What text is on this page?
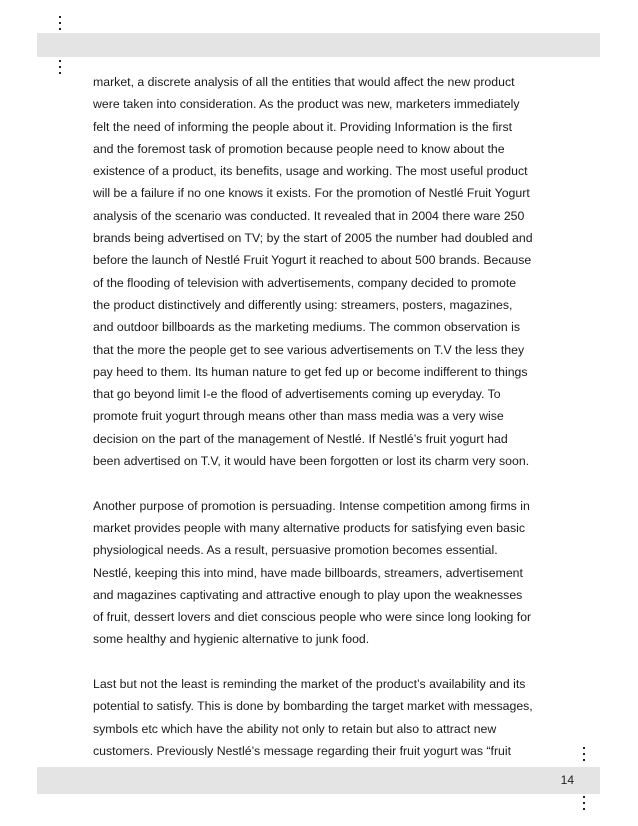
14

market, a discrete analysis of all the entities that would affect the new product

were taken into consideration. As the product was new, marketers immediately

felt the need of informing the people about it. Providing Information is the first

and the foremost task of promotion because people need to know about the

existence of a product, its benefits, usage and working. The most useful product

will be a failure if no one knows it exists. For the promotion of Nestlé Fruit Yogurt

analysis of the scenario was conducted. It revealed that in 2004 there ware 250

brands being advertised on TV; by the start of 2005 the number had doubled and

before the launch of Nestlé Fruit Yogurt it reached to about 500 brands. Because

of the flooding of television with advertisements, company decided to promote

the product distinctively and differently using: streamers, posters, magazines,

and outdoor billboards as the marketing mediums. The common observation is

that the more the people get to see various advertisements on T.V the less they

pay heed to them. Its human nature to get fed up or become indifferent to things

that go beyond limit I-e the flood of advertisements coming up everyday. To

promote fruit yogurt through means other than mass media was a very wise

decision on the part of the management of Nestlé. If Nestlé’s fruit yogurt had

been advertised on T.V, it would have been forgotten or lost its charm very soon.

Another purpose of promotion is persuading. Intense competition among firms in

market provides people with many alternative products for satisfying even basic

physiological needs. As a result, persuasive promotion becomes essential.

Nestlé, keeping this into mind, have made billboards, streamers, advertisement

and magazines captivating and attractive enough to play upon the weaknesses

of fruit, dessert lovers and diet conscious people who were since long looking for

some healthy and hygienic alternative to junk food.

Last but not the least is reminding the market of the product’s availability and its

potential to satisfy. This is done by bombarding the target market with messages,

symbols etc which have the ability not only to retain but also to attract new

customers. Previously Nestlé’s message regarding their fruit yogurt was “fruit
